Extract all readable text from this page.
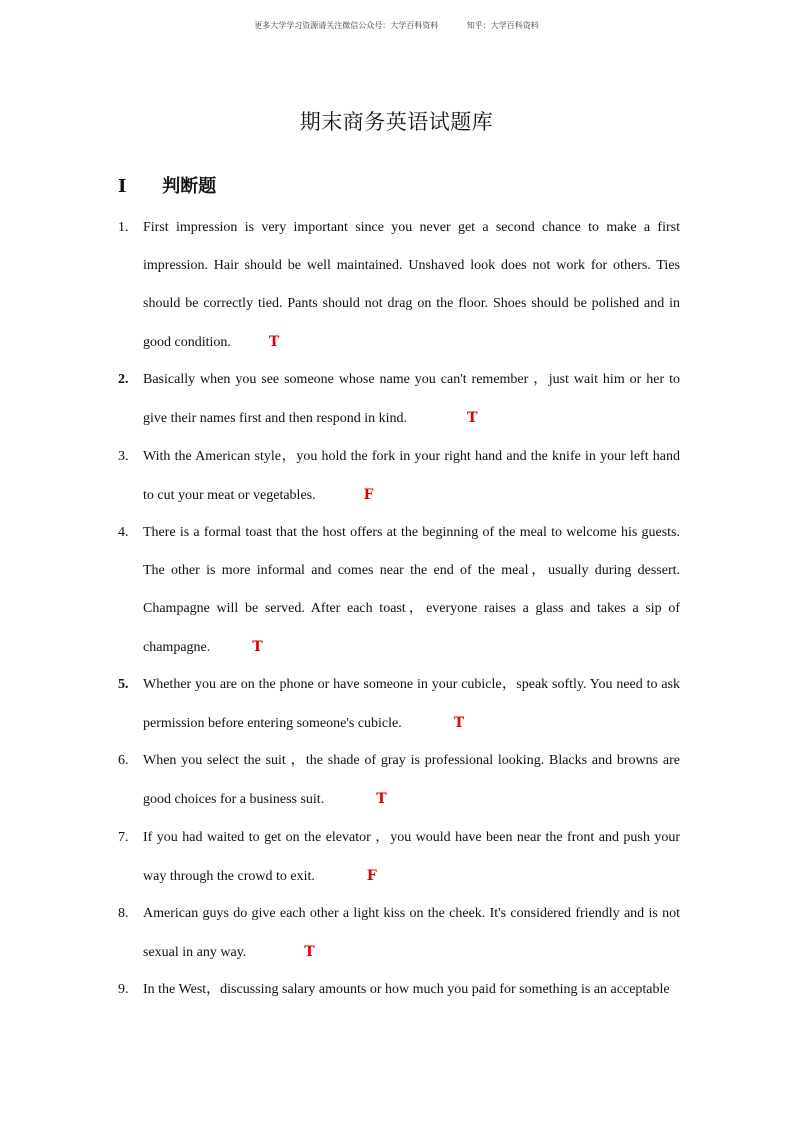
更多大学学习资源请关注微信公众号：大学百科资料	知乎：大学百科资料
期末商务英语试题库
I 判断题
1. First impression is very important since you never get a second chance to make a first impression. Hair should be well maintained. Unshaved look does not work for others. Ties should be correctly tied. Pants should not drag on the floor. Shoes should be polished and in good condition.	T
2. Basically when you see someone whose name you can't remember ，just wait him or her to give their names first and then respond in kind.	T
3. With the American style，you hold the fork in your right hand and the knife in your left hand to cut your meat or vegetables.	F
4. There is a formal toast that the host offers at the beginning of the meal to welcome his guests. The other is more informal and comes near the end of the meal，usually during dessert. Champagne will be served. After each toast，everyone raises a glass and takes a sip of champagne.	T
5. Whether you are on the phone or have someone in your cubicle，speak softly. You need to ask permission before entering someone's cubicle.	T
6. When you select the suit ，the shade of gray is professional looking. Blacks and browns are good choices for a business suit.	T
7. If you had waited to get on the elevator ，you would have been near the front and push your way through the crowd to exit.	F
8. American guys do give each other a light kiss on the cheek. It's considered friendly and is not sexual in any way.	T
9. In the West，discussing salary amounts or how much you paid for something is an acceptable
